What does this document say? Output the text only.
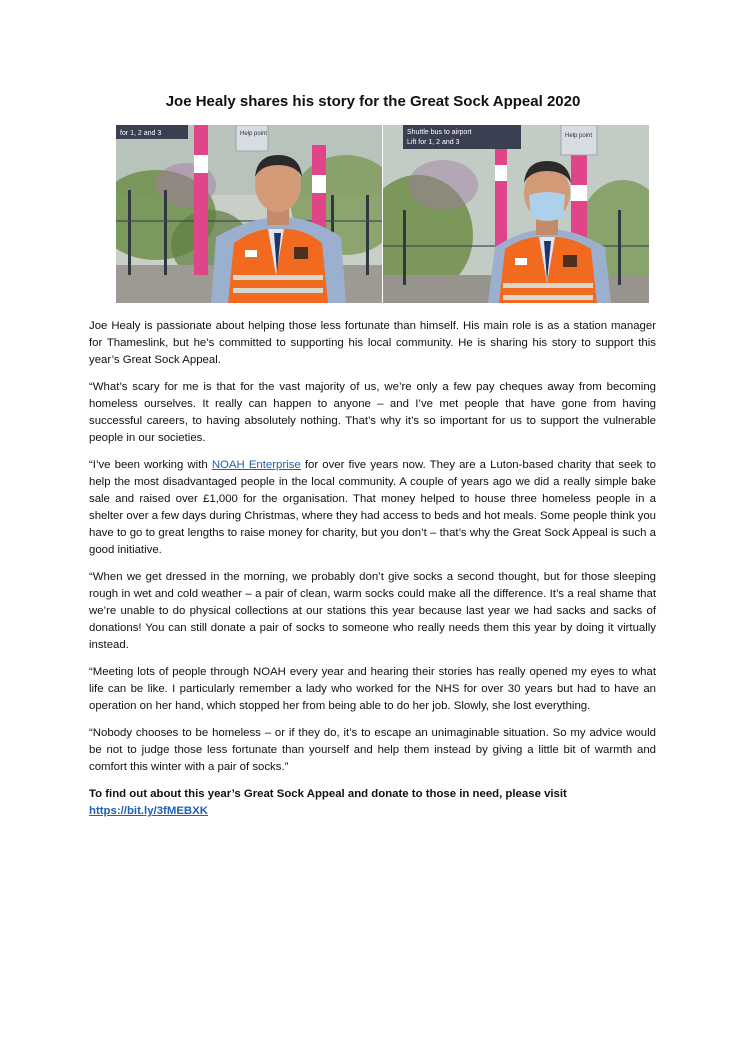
Joe Healy shares his story for the Great Sock Appeal 2020
for 1, 2 and 3	Help point	Shuttle bus to airport
Lift for 1, 2 and 3
Help point

Joe Healy is passionate about helping those less fortunate than himself. His main role is as a station manager for Thameslink, but he’s committed to supporting his local community. He is sharing his story to support this year’s Great Sock Appeal.

“What’s scary for me is that for the vast majority of us, we’re only a few pay cheques away from becoming homeless ourselves. It really can happen to anyone – and I’ve met people that have gone from having successful careers, to having absolutely nothing. That’s why it’s so important for us to support the vulnerable people in our societies.

“I’ve been working with NOAH Enterprise for over five years now. They are a Luton-based charity that seek to help the most disadvantaged people in the local community. A couple of years ago we did a really simple bake sale and raised over £1,000 for the organisation. That money helped to house three homeless people in a shelter over a few days during Christmas, where they had access to beds and hot meals. Some people think you have to go to great lengths to raise money for charity, but you don’t – that’s why the Great Sock Appeal is such a good initiative.

“When we get dressed in the morning, we probably don’t give socks a second thought, but for those sleeping rough in wet and cold weather – a pair of clean, warm socks could make all the difference. It’s a real shame that we’re unable to do physical collections at our stations this year because last year we had sacks and sacks of donations! You can still donate a pair of socks to someone who really needs them this year by doing it virtually instead.

“Meeting lots of people through NOAH every year and hearing their stories has really opened my eyes to what life can be like. I particularly remember a lady who worked for the NHS for over 30 years but had to have an operation on her hand, which stopped her from being able to do her job. Slowly, she lost everything.

“Nobody chooses to be homeless – or if they do, it’s to escape an unimaginable situation. So my advice would be not to judge those less fortunate than yourself and help them instead by giving a little bit of warmth and comfort this winter with a pair of socks.”

To find out about this year’s Great Sock Appeal and donate to those in need, please visit
https://bit.ly/3fMEBXK
